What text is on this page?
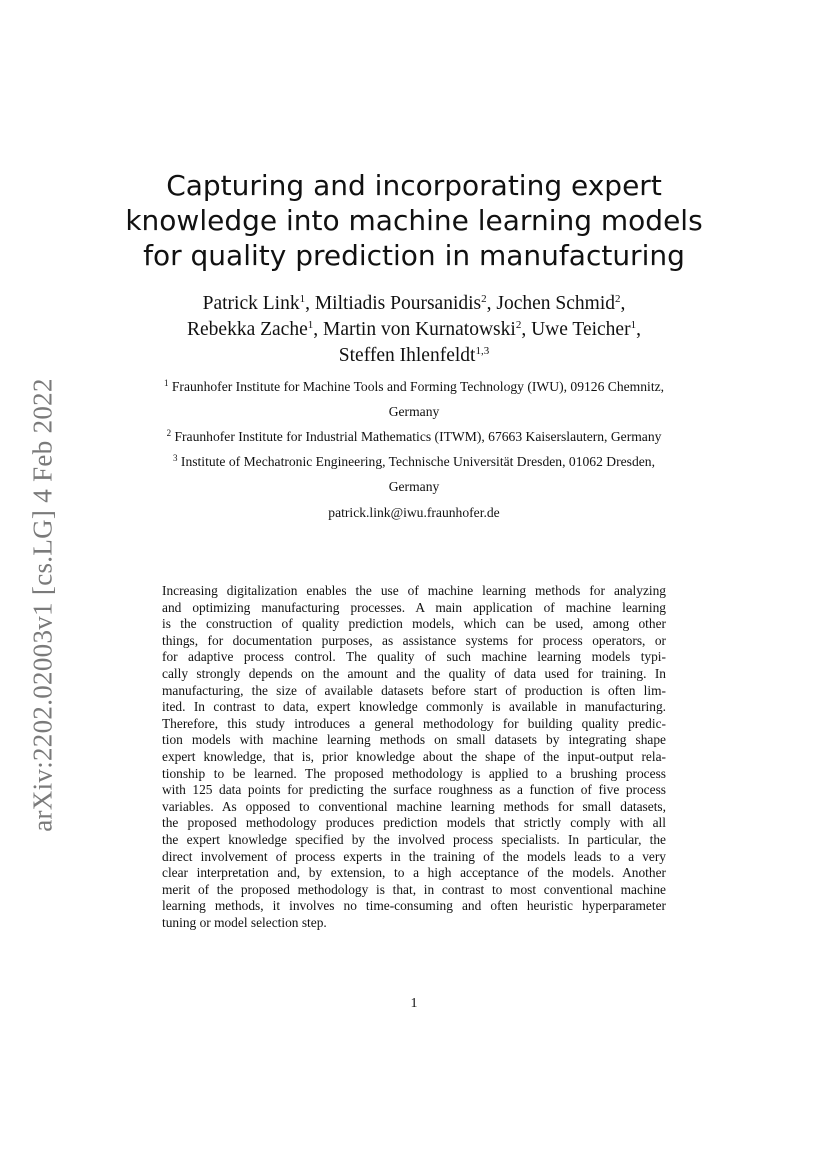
arXiv:2202.02003v1 [cs.LG] 4 Feb 2022
Capturing and incorporating expert
knowledge into machine learning models
for quality prediction in manufacturing
Patrick Link$^1$, Miltiadis Poursanidis$^2$, Jochen Schmid$^2$,
Rebekka Zache$^1$, Martin von Kurnatowski$^2$, Uwe Teicher$^1$,
Steffen Ihlenfeldt$^{1,3}$
$^1$ Fraunhofer Institute for Machine Tools and Forming Technology (IWU), 09126 Chemnitz,
Germany
$^2$ Fraunhofer Institute for Industrial Mathematics (ITWM), 67663 Kaiserslautern, Germany
$^3$ Institute of Mechatronic Engineering, Technische Universität Dresden, 01062 Dresden,
Germany
patrick.link@iwu.fraunhofer.de
Increasing digitalization enables the use of machine learning methods for analyzing
and optimizing manufacturing processes. A main application of machine learning
is the construction of quality prediction models, which can be used, among other
things, for documentation purposes, as assistance systems for process operators, or
for adaptive process control. The quality of such machine learning models typi-
cally strongly depends on the amount and the quality of data used for training. In
manufacturing, the size of available datasets before start of production is often lim-
ited. In contrast to data, expert knowledge commonly is available in manufacturing.
Therefore, this study introduces a general methodology for building quality predic-
tion models with machine learning methods on small datasets by integrating shape
expert knowledge, that is, prior knowledge about the shape of the input-output rela-
tionship to be learned. The proposed methodology is applied to a brushing process
with 125 data points for predicting the surface roughness as a function of five process
variables. As opposed to conventional machine learning methods for small datasets,
the proposed methodology produces prediction models that strictly comply with all
the expert knowledge specified by the involved process specialists. In particular, the
direct involvement of process experts in the training of the models leads to a very
clear interpretation and, by extension, to a high acceptance of the models. Another
merit of the proposed methodology is that, in contrast to most conventional machine
learning methods, it involves no time-consuming and often heuristic hyperparameter
tuning or model selection step.
1
